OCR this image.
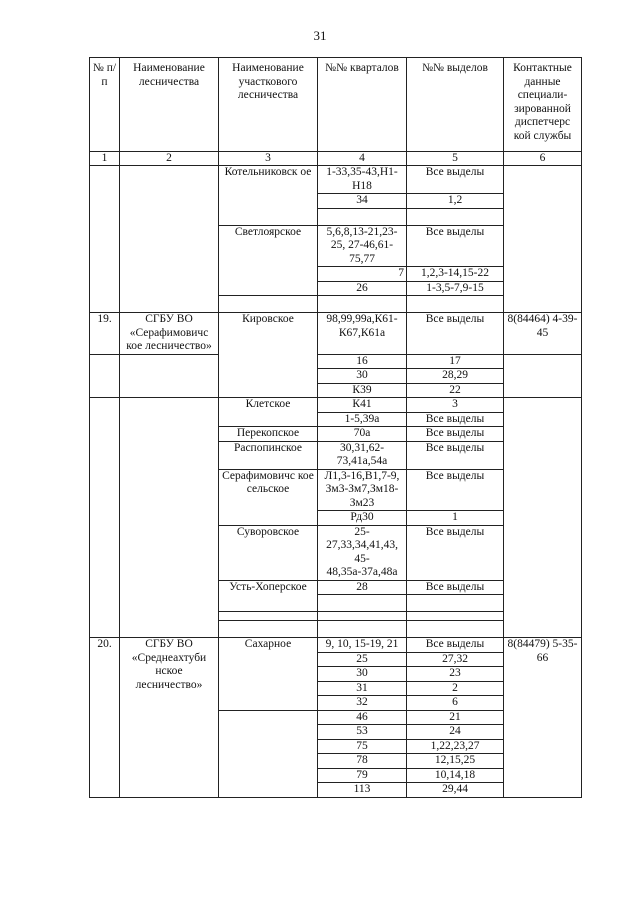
31
№ п/п	Наименование лесничества	Наименование участкового лесничества	№№ кварталов	№№ выделов	Контактные данные специали-зированной диспетчерс кой службы
1	2	3	4	5	6
		Котельниковск ое	1-33,35-43,Н1-Н18	Все выделы	
			34	1,2	

		Светлоярское	5,6,8,13-21,23-25, 27-46,61-75,77	Все выделы	
			7	1,2,3-14,15-22	
			26	1-3,5-7,9-15	

19.	СГБУ ВО «Серафимовичс кое лесничество»	Кировское	98,99,99а,К61-К67,К61а	Все выделы	8(84464) 4-39-45
			16	17	
			30	28,29	
			К39	22	
		Клетское	К41	3	
			1-5,39а	Все выделы	
		Перекопское	70а	Все выделы	
		Распопинское	30,31,62-73,41а,54а	Все выделы	
		Серафимовичс кое сельское	Л1,3-16,В1,7-9, Зм3-Зм7,Зм18-Зм23	Все выделы	
			Рд30	1	
		Суворовское	25-27,33,34,41,43, 45-48,35а-37а,48а	Все выделы	
		Усть-Хоперское	28	Все выделы	

20.	СГБУ ВО «Среднеахтуби нское лесничество»	Сахарное	9, 10, 15-19, 21	Все выделы	8(84479) 5-35-66
			25	27,32	
			30	23	
			31	2	
			32	6	
			46	21	
			53	24	
			75	1,22,23,27	
			78	12,15,25	
			79	10,14,18	
			113	29,44	
